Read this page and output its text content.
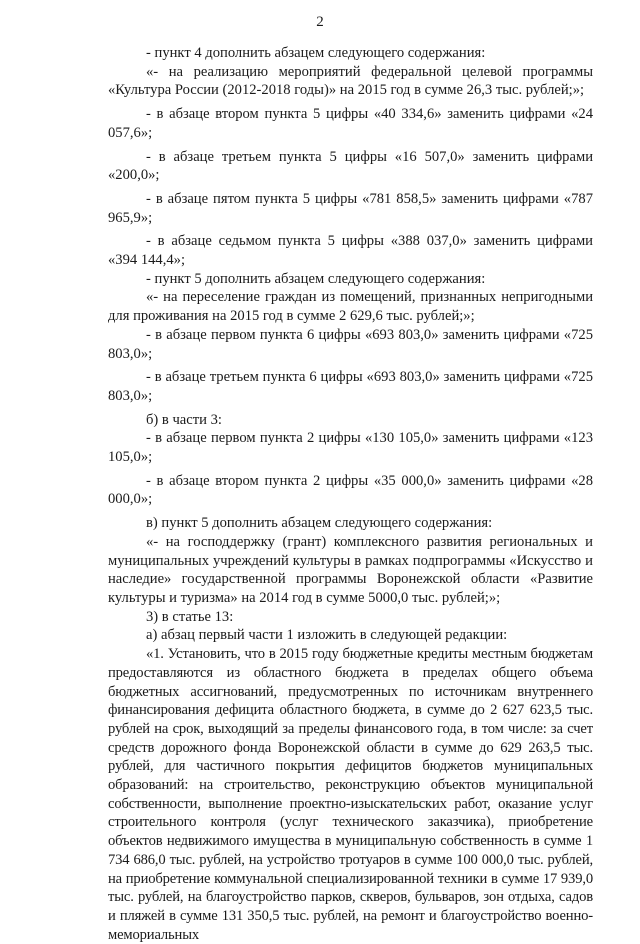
2

- пункт 4 дополнить абзацем следующего содержания:

«- на реализацию мероприятий федеральной целевой программы «Культура России (2012-2018 годы)» на 2015 год в сумме 26,3 тыс. рублей;»;

- в абзаце втором пункта 5 цифры «40 334,6» заменить цифрами «24 057,6»;

- в абзаце третьем пункта 5 цифры «16 507,0» заменить цифрами «200,0»;

- в абзаце пятом пункта 5 цифры «781 858,5» заменить цифрами «787 965,9»;

- в абзаце седьмом пункта 5 цифры «388 037,0» заменить цифрами «394 144,4»;

- пункт 5 дополнить абзацем следующего содержания:

«- на переселение граждан из помещений, признанных непригодными для проживания на 2015 год в сумме 2 629,6 тыс. рублей;»;

- в абзаце первом пункта 6 цифры «693 803,0» заменить цифрами «725 803,0»;

- в абзаце третьем пункта 6 цифры «693 803,0» заменить цифрами «725 803,0»;

б) в части 3:

- в абзаце первом пункта 2 цифры «130 105,0» заменить цифрами «123 105,0»;

- в абзаце втором пункта 2 цифры «35 000,0» заменить цифрами «28 000,0»;

в) пункт 5 дополнить абзацем следующего содержания:

«- на господдержку (грант) комплексного развития региональных и муниципальных учреждений культуры в рамках подпрограммы «Искусство и наследие» государственной программы Воронежской области «Развитие культуры и туризма» на 2014 год в сумме 5000,0 тыс. рублей;»;

3) в статье 13:

а) абзац первый части 1 изложить в следующей редакции:

«1. Установить, что в 2015 году бюджетные кредиты местным бюджетам предоставляются из областного бюджета в пределах общего объема бюджетных ассигнований, предусмотренных по источникам внутреннего финансирования дефицита областного бюджета, в сумме до 2 627 623,5 тыс. рублей на срок, выходящий за пределы финансового года, в том числе: за счет средств дорожного фонда Воронежской области в сумме до 629 263,5 тыс. рублей, для частичного покрытия дефицитов бюджетов муниципальных образований: на строительство, реконструкцию объектов муниципальной собственности, выполнение проектно-изыскательских работ, оказание услуг строительного контроля (услуг технического заказчика), приобретение объектов недвижимого имущества в муниципальную собственность в сумме 1 734 686,0 тыс. рублей, на устройство тротуаров в сумме 100 000,0 тыс. рублей, на приобретение коммунальной специализированной техники в сумме 17 939,0 тыс. рублей, на благоустройство парков, скверов, бульваров, зон отдыха, садов и пляжей в сумме 131 350,5 тыс. рублей, на ремонт и благоустройство военно-мемориальных
